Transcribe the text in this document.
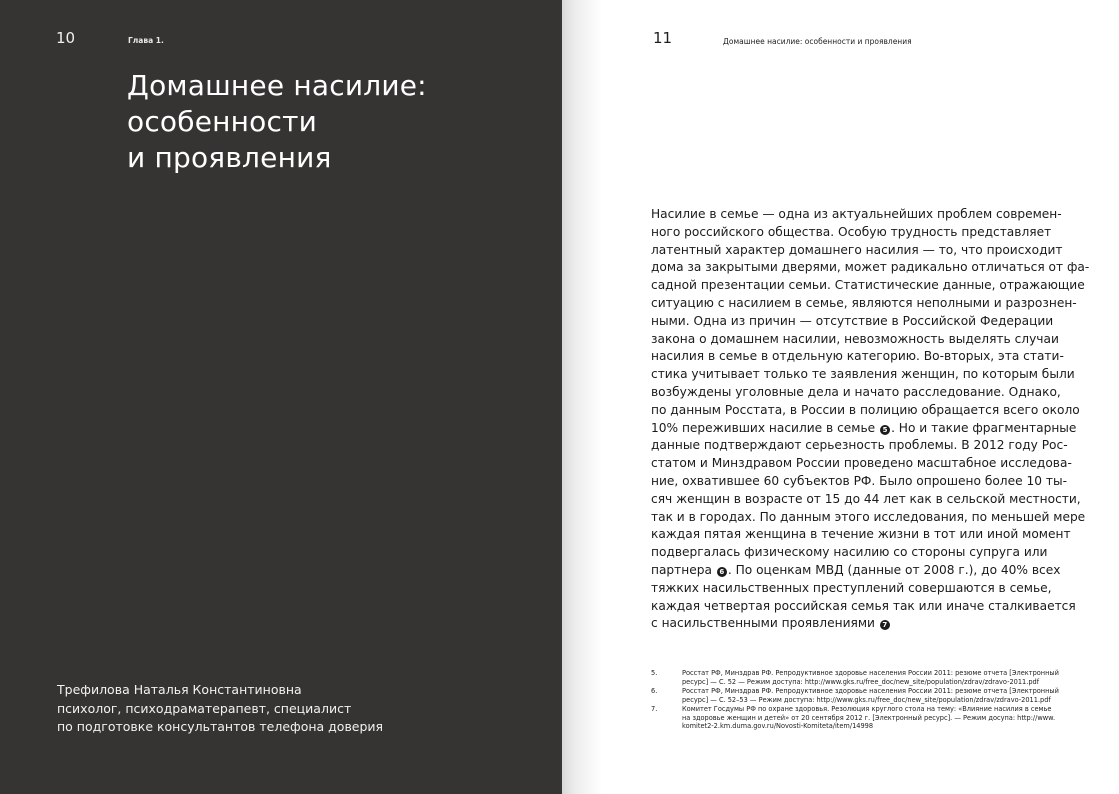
10	Глава 1.
Домашнее насилие:
особенности
и проявления
Трефилова Наталья Константиновна
психолог, психодраматерапевт, специалист
по подготовке консультантов телефона доверия
11	Домашнее насилие: особенности и проявления
Насилие в семье — одна из актуальнейших проблем современ-
ного российского общества. Особую трудность представляет
латентный характер домашнего насилия — то, что происходит
дома за закрытыми дверями, может радикально отличаться от фа-
садной презентации семьи. Статистические данные, отражающие
ситуацию с насилием в семье, являются неполными и разрознен-
ными. Одна из причин — отсутствие в Российской Федерации
закона о домашнем насилии, невозможность выделять случаи
насилия в семье в отдельную категорию. Во-вторых, эта стати-
стика учитывает только те заявления женщин, по которым были
возбуждены уголовные дела и начато расследование. Однако,
по данным Росстата, в России в полицию обращается всего около
10% переживших насилие в семье 5 . Но и такие фрагментарные
данные подтверждают серьезность проблемы. В 2012 году Рос-
статом и Минздравом России проведено масштабное исследова-
ние, охватившее 60 субъектов РФ. Было опрошено более 10 ты-
сяч женщин в возрасте от 15 до 44 лет как в сельской местности,
так и в городах. По данным этого исследования, по меньшей мере
каждая пятая женщина в течение жизни в тот или иной момент
подвергалась физическому насилию со стороны супруга или
партнера 6 . По оценкам МВД (данные от 2008 г.), до 40% всех
тяжких насильственных преступлений совершаются в семье,
каждая четвертая российская семья так или иначе сталкивается
с насильственными проявлениями 7
5.	Росстат РФ, Минздрав РФ. Репродуктивное здоровье населения России 2011: резюме отчета [Электронный
ресурс] — С. 52 — Режим доступа: http://www.gks.ru/free_doc/new_site/population/zdrav/zdravo-2011.pdf
6.	Росстат РФ, Минздрав РФ. Репродуктивное здоровье населения России 2011: резюме отчета [Электронный
ресурс] — С. 52–53 — Режим доступа: http://www.gks.ru/free_doc/new_site/population/zdrav/zdravo-2011.pdf
7.	Комитет Госдумы РФ по охране здоровья. Резолюция круглого стола на тему: «Влияние насилия в семье
на здоровье женщин и детей» от 20 сентября 2012 г. [Электронный ресурс]. — Режим досупа: http://www.
komitet2-2.km.duma.gov.ru/Novosti-Komiteta/item/14998
